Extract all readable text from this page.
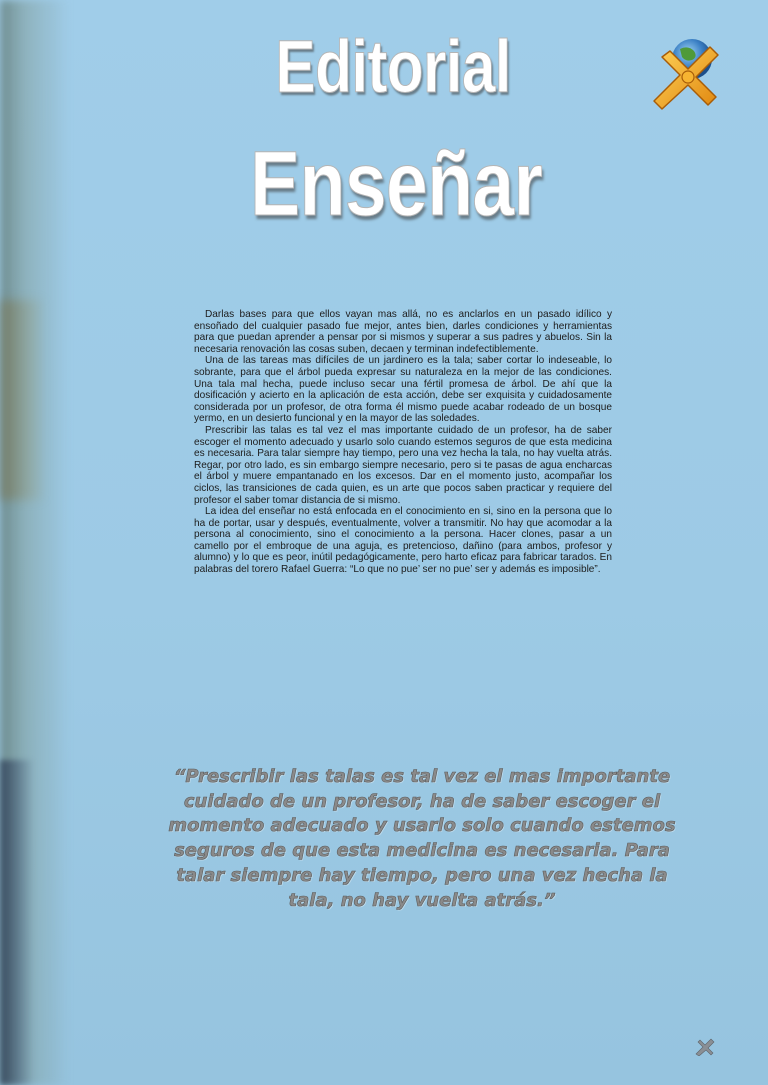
Editorial
Enseñar

Darlas bases para que ellos vayan mas allá, no es anclarlos en un pasado idílico y ensoñado del cualquier pasado fue mejor, antes bien, darles condiciones y herramientas para que puedan aprender a pensar por si mismos y superar a sus padres y abuelos. Sin la necesaria renovación las cosas suben, decaen y terminan indefectiblemente.

Una de las tareas mas difíciles de un jardinero es la tala; saber cortar lo indeseable, lo sobrante, para que el árbol pueda expresar su naturaleza en la mejor de las condiciones. Una tala mal hecha, puede incluso secar una fértil promesa de árbol. De ahí que la dosificación y acierto en la aplicación de esta acción, debe ser exquisita y cuidadosamente considerada por un profesor, de otra forma él mismo puede acabar rodeado de un bosque yermo, en un desierto funcional y en la mayor de las soledades.

Prescribir las talas es tal vez el mas importante cuidado de un profesor, ha de saber escoger el momento adecuado y usarlo solo cuando estemos seguros de que esta medicina es necesaria. Para talar siempre hay tiempo, pero una vez hecha la tala, no hay vuelta atrás. Regar, por otro lado, es sin embargo siempre necesario, pero si te pasas de agua encharcas el árbol y muere empantanado en los excesos. Dar en el momento justo, acompañar los ciclos, las transiciones de cada quien, es un arte que pocos saben practicar y requiere del profesor el saber tomar distancia de si mismo.

La idea del enseñar no está enfocada en el conocimiento en si, sino en la persona que lo ha de portar, usar y después, eventualmente, volver a transmitir. No hay que acomodar a la persona al conocimiento, sino el conocimiento a la persona. Hacer clones, pasar a un camello por el embroque de una aguja, es pretencioso, dañino (para ambos, profesor y alumno) y lo que es peor, inútil pedagógicamente, pero harto eficaz para fabricar tarados. En palabras del torero Rafael Guerra: “Lo que no pue’ ser no pue’ ser y además es imposible”.

“Prescribir las talas es tal vez el mas importante cuidado de un profesor, ha de saber escoger el momento adecuado y usarlo solo cuando estemos seguros de que esta medicina es necesaria. Para talar siempre hay tiempo, pero una vez hecha la tala, no hay vuelta atrás.”
